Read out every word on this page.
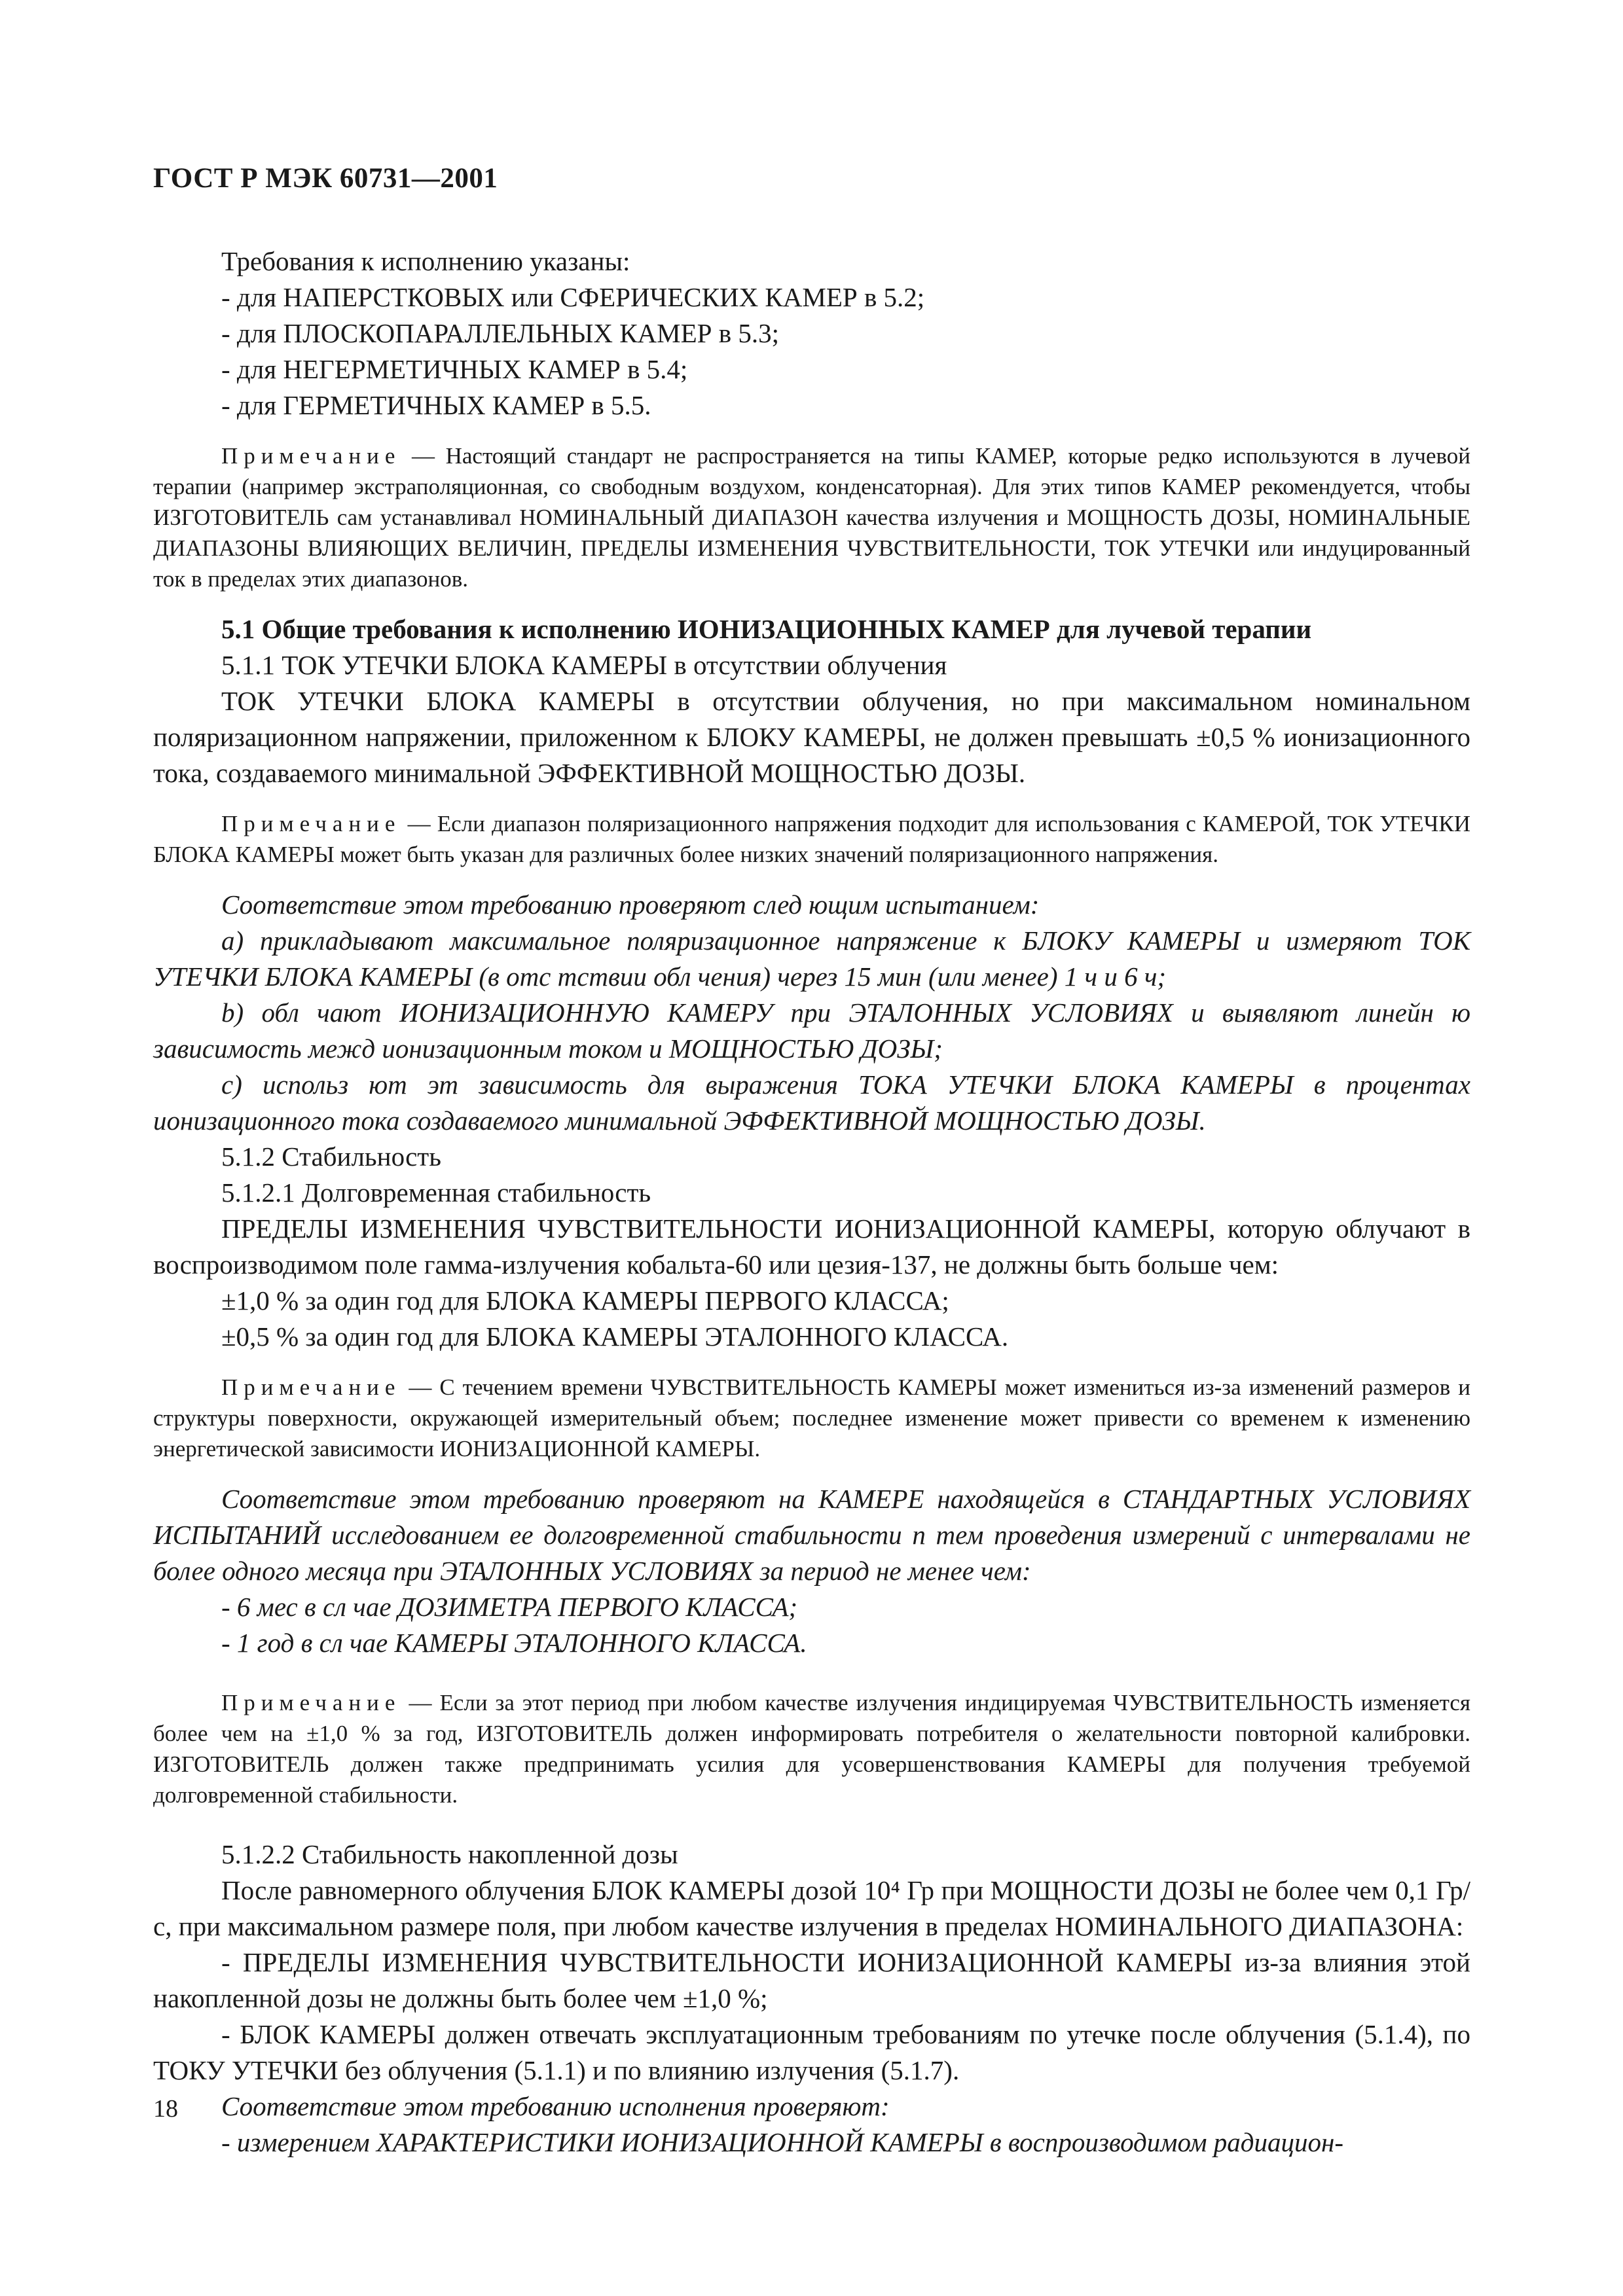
ГОСТ Р МЭК 60731—2001

Требования к исполнению указаны:

- для НАПЕРСТКОВЫХ или СФЕРИЧЕСКИХ КАМЕР в 5.2;

- для ПЛОСКОПАРАЛЛЕЛЬНЫХ КАМЕР в 5.3;

- для НЕГЕРМЕТИЧНЫХ КАМЕР в 5.4;

- для ГЕРМЕТИЧНЫХ КАМЕР в 5.5.

Примечание — Настоящий стандарт не распространяется на типы КАМЕР, которые редко используются в лучевой терапии (например экстраполяционная, со свободным воздухом, конденсаторная). Для этих типов КАМЕР рекомендуется, чтобы ИЗГОТОВИТЕЛЬ сам устанавливал НОМИНАЛЬНЫЙ ДИАПАЗОН качества излучения и МОЩНОСТЬ ДОЗЫ, НОМИНАЛЬНЫЕ ДИАПАЗОНЫ ВЛИЯЮЩИХ ВЕЛИЧИН, ПРЕДЕЛЫ ИЗМЕНЕНИЯ ЧУВСТВИТЕЛЬНОСТИ, ТОК УТЕЧКИ или индуцированный ток в пределах этих диапазонов.

5.1 Общие требования к исполнению ИОНИЗАЦИОННЫХ КАМЕР для лучевой терапии

5.1.1 ТОК УТЕЧКИ БЛОКА КАМЕРЫ в отсутствии облучения

ТОК УТЕЧКИ БЛОКА КАМЕРЫ в отсутствии облучения, но при максимальном номинальном поляризационном напряжении, приложенном к БЛОКУ КАМЕРЫ, не должен превышать ±0,5 % ионизационного тока, создаваемого минимальной ЭФФЕКТИВНОЙ МОЩНОСТЬЮ ДОЗЫ.

Примечание — Если диапазон поляризационного напряжения подходит для использования с КАМЕРОЙ, ТОК УТЕЧКИ БЛОКА КАМЕРЫ может быть указан для различных более низких значений поляризационного напряжения.

Соответствие этом требованию проверяют след ющим испытанием:

а) прикладывают максимальное поляризационное напряжение к БЛОКУ КАМЕРЫ и измеряют ТОК УТЕЧКИ БЛОКА КАМЕРЫ (в отс тствии обл чения) через 15 мин (или менее) 1 ч и 6 ч;

b) обл чают ИОНИЗАЦИОННУЮ КАМЕРУ при ЭТАЛОННЫХ УСЛОВИЯХ и выявляют линейн ю зависимость межд ионизационным током и МОЩНОСТЬЮ ДОЗЫ;

c) использ ют эт зависимость для выражения ТОКА УТЕЧКИ БЛОКА КАМЕРЫ в процентах ионизационного тока создаваемого минимальной ЭФФЕКТИВНОЙ МОЩНОСТЬЮ ДОЗЫ.

5.1.2 Стабильность

5.1.2.1 Долговременная стабильность

ПРЕДЕЛЫ ИЗМЕНЕНИЯ ЧУВСТВИТЕЛЬНОСТИ ИОНИЗАЦИОННОЙ КАМЕРЫ, которую облучают в воспроизводимом поле гамма-излучения кобальта-60 или цезия-137, не должны быть больше чем:

±1,0 % за один год для БЛОКА КАМЕРЫ ПЕРВОГО КЛАССА;

±0,5 % за один год для БЛОКА КАМЕРЫ ЭТАЛОННОГО КЛАССА.

Примечание — С течением времени ЧУВСТВИТЕЛЬНОСТЬ КАМЕРЫ может измениться из-за изменений размеров и структуры поверхности, окружающей измерительный объем; последнее изменение может привести со временем к изменению энергетической зависимости ИОНИЗАЦИОННОЙ КАМЕРЫ.

Соответствие этом требованию проверяют на КАМЕРЕ находящейся в СТАНДАРТНЫХ УСЛОВИЯХ ИСПЫТАНИЙ исследованием ее долговременной стабильности п тем проведения измерений с интервалами не более одного месяца при ЭТАЛОННЫХ УСЛОВИЯХ за период не менее чем:

- 6 мес в сл чае ДОЗИМЕТРА ПЕРВОГО КЛАССА;

- 1 год в сл чае КАМЕРЫ ЭТАЛОННОГО КЛАССА.

Примечание — Если за этот период при любом качестве излучения индицируемая ЧУВСТВИТЕЛЬНОСТЬ изменяется более чем на ±1,0 % за год, ИЗГОТОВИТЕЛЬ должен информировать потребителя о желательности повторной калибровки. ИЗГОТОВИТЕЛЬ должен также предпринимать усилия для усовершенствования КАМЕРЫ для получения требуемой долговременной стабильности.

5.1.2.2 Стабильность накопленной дозы

После равномерного облучения БЛОК КАМЕРЫ дозой 10⁴ Гр при МОЩНОСТИ ДОЗЫ не более чем 0,1 Гр/с, при максимальном размере поля, при любом качестве излучения в пределах НОМИНАЛЬНОГО ДИАПАЗОНА:

- ПРЕДЕЛЫ ИЗМЕНЕНИЯ ЧУВСТВИТЕЛЬНОСТИ ИОНИЗАЦИОННОЙ КАМЕРЫ из-за влияния этой накопленной дозы не должны быть более чем ±1,0 %;

- БЛОК КАМЕРЫ должен отвечать эксплуатационным требованиям по утечке после облучения (5.1.4), по ТОКУ УТЕЧКИ без облучения (5.1.1) и по влиянию излучения (5.1.7).

Соответствие этом требованию исполнения проверяют:

- измерением ХАРАКТЕРИСТИКИ ИОНИЗАЦИОННОЙ КАМЕРЫ в воспроизводимом радиацион-

18
